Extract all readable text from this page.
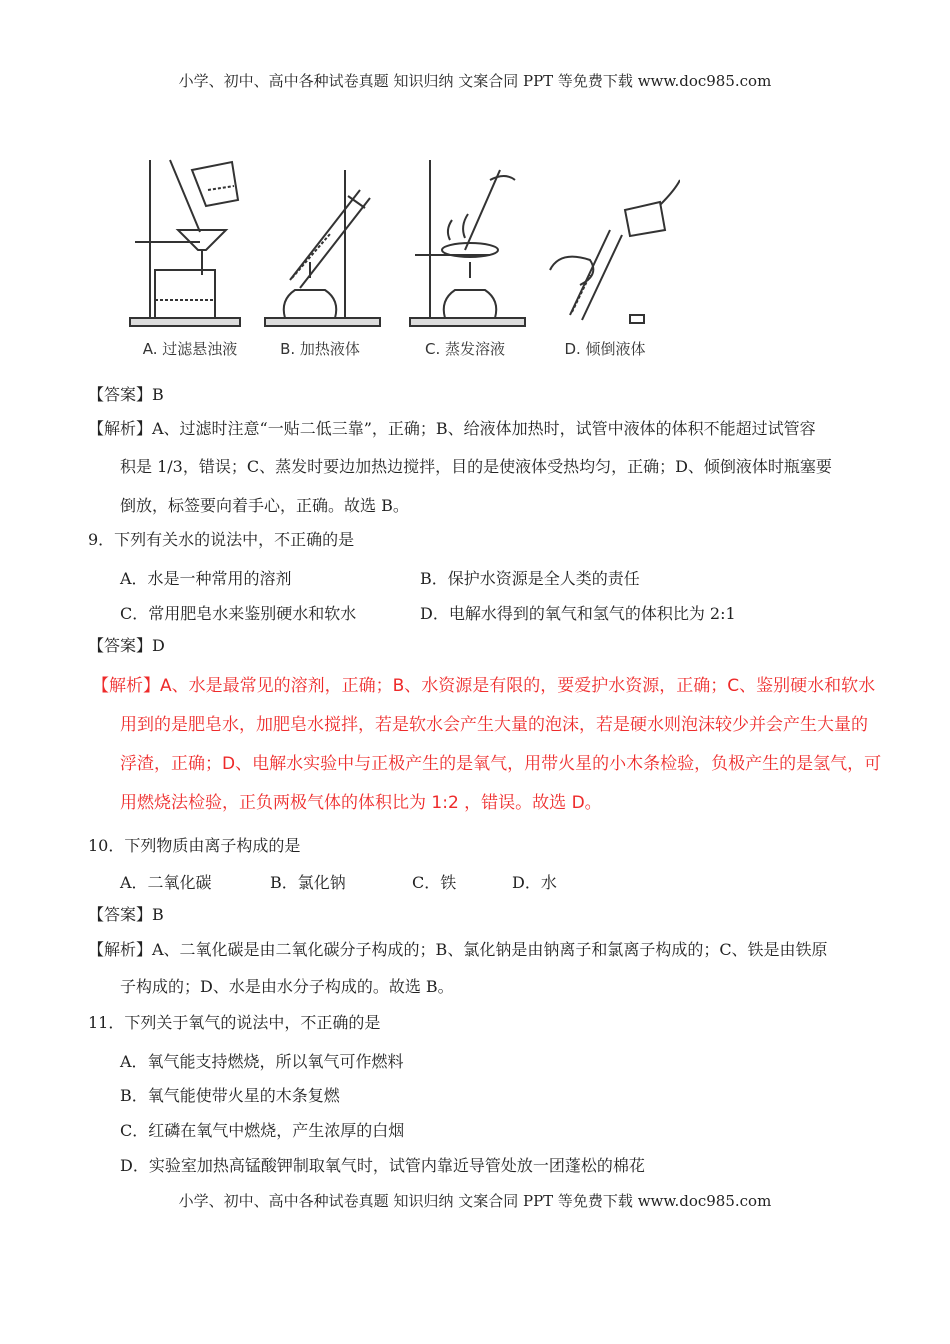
小学、初中、高中各种试卷真题 知识归纳 文案合同 PPT 等免费下载 www.doc985.com
A. 过滤悬浊液	B. 加热液体	C. 蒸发溶液	D. 倾倒液体
【答案】B
【解析】A、过滤时注意“一贴二低三靠”，正确；B、给液体加热时，试管中液体的体积不能超过试管容
积是 1/3，错误；C、蒸发时要边加热边搅拌，目的是使液体受热均匀，正确；D、倾倒液体时瓶塞要
倒放，标签要向着手心，正确。故选 B。
9．下列有关水的说法中，不正确的是
A．水是一种常用的溶剂	B．保护水资源是全人类的责任
C．常用肥皂水来鉴别硬水和软水	D．电解水得到的氧气和氢气的体积比为 2:1
【答案】D
【解析】A、水是最常见的溶剂，正确；B、水资源是有限的，要爱护水资源，正确；C、鉴别硬水和软水
用到的是肥皂水，加肥皂水搅拌，若是软水会产生大量的泡沫，若是硬水则泡沫较少并会产生大量的
浮渣，正确；D、电解水实验中与正极产生的是氧气，用带火星的小木条检验，负极产生的是氢气，可
用燃烧法检验，正负两极气体的体积比为 1:2 ，错误。故选 D。
10．下列物质由离子构成的是
A．二氧化碳	B．氯化钠	C．铁	D．水
【答案】B
【解析】A、二氧化碳是由二氧化碳分子构成的；B、氯化钠是由钠离子和氯离子构成的；C、铁是由铁原
子构成的；D、水是由水分子构成的。故选 B。
11．下列关于氧气的说法中，不正确的是
A．氧气能支持燃烧，所以氧气可作燃料
B．氧气能使带火星的木条复燃
C．红磷在氧气中燃烧，产生浓厚的白烟
D．实验室加热高锰酸钾制取氧气时，试管内靠近导管处放一团蓬松的棉花
小学、初中、高中各种试卷真题 知识归纳 文案合同 PPT 等免费下载 www.doc985.com
